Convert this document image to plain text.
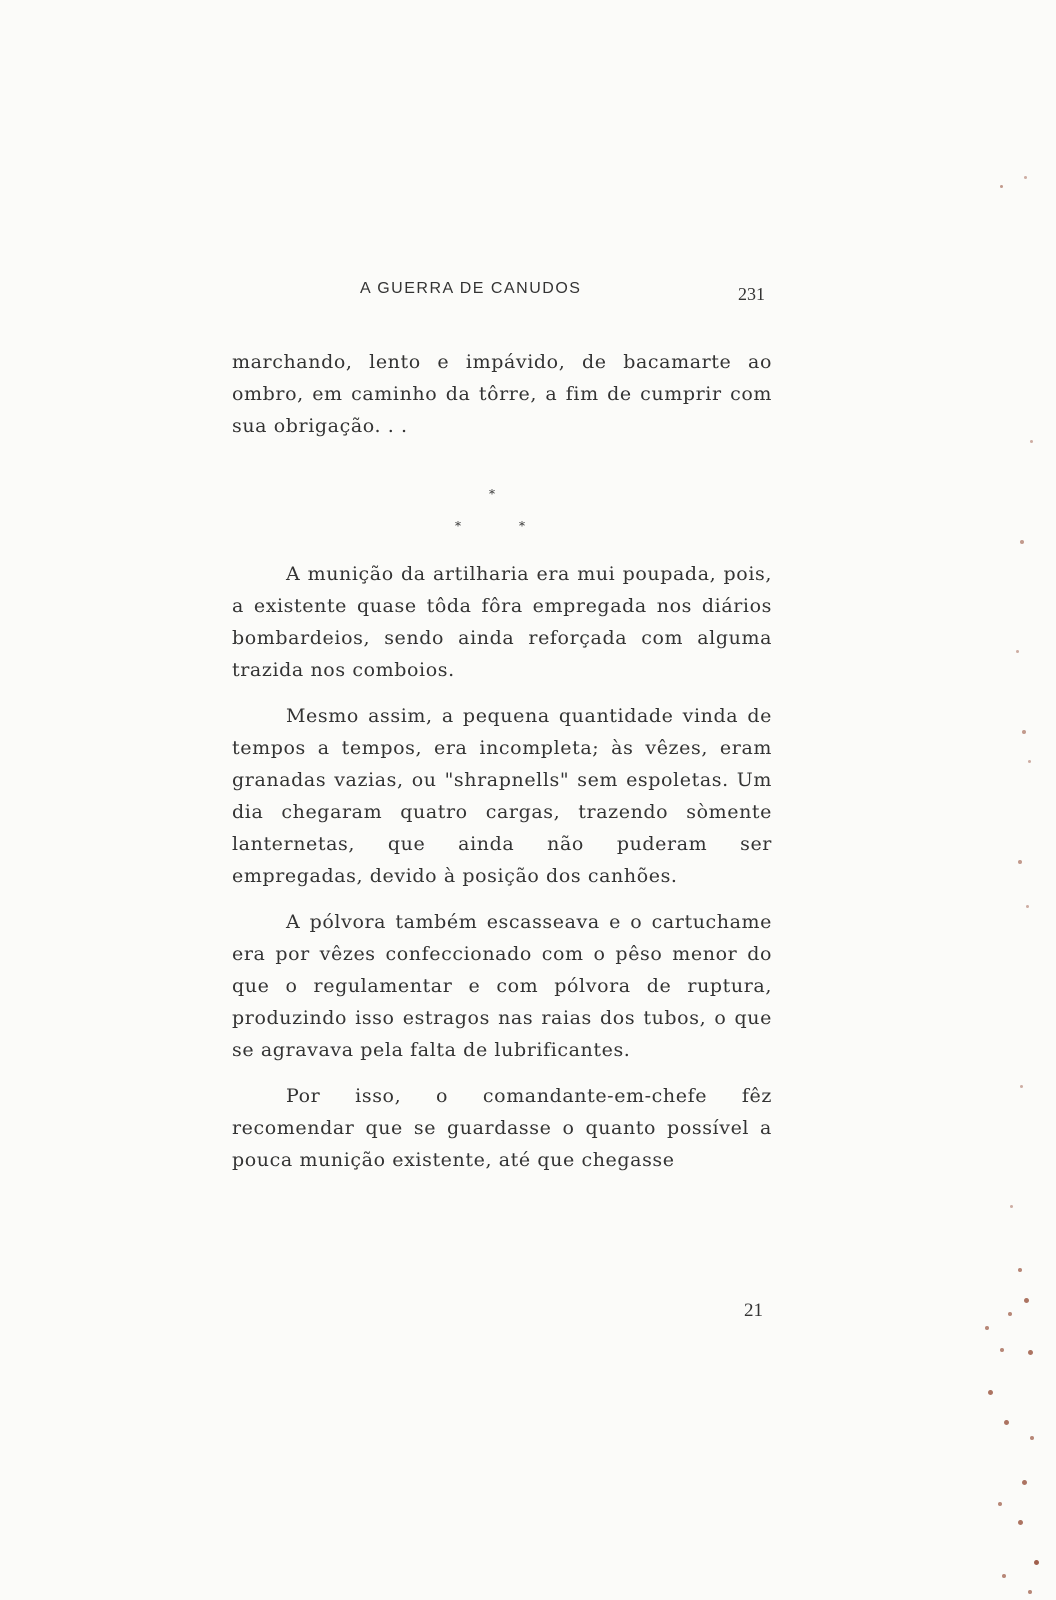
A GUERRA DE CANUDOS	231

marchando, lento e impávido, de bacamarte ao ombro, em caminho da tôrre, a fim de cumprir com sua obrigação. . .

*
*	*

A munição da artilharia era mui poupada, pois, a existente quase tôda fôra empregada nos diários bombardeios, sendo ainda reforçada com alguma trazida nos comboios.

Mesmo assim, a pequena quantidade vinda de tempos a tempos, era incompleta; às vêzes, eram granadas vazias, ou "shrapnells" sem espoletas. Um dia chegaram quatro cargas, trazendo sòmente lanternetas, que ainda não puderam ser empregadas, devido à posição dos canhões.

A pólvora também escasseava e o cartuchame era por vêzes confeccionado com o pêso menor do que o regulamentar e com pólvora de ruptura, produzindo isso estragos nas raias dos tubos, o que se agravava pela falta de lubrificantes.

Por isso, o comandante-em-chefe fêz recomendar que se guardasse o quanto possível a pouca munição existente, até que chegasse

21
